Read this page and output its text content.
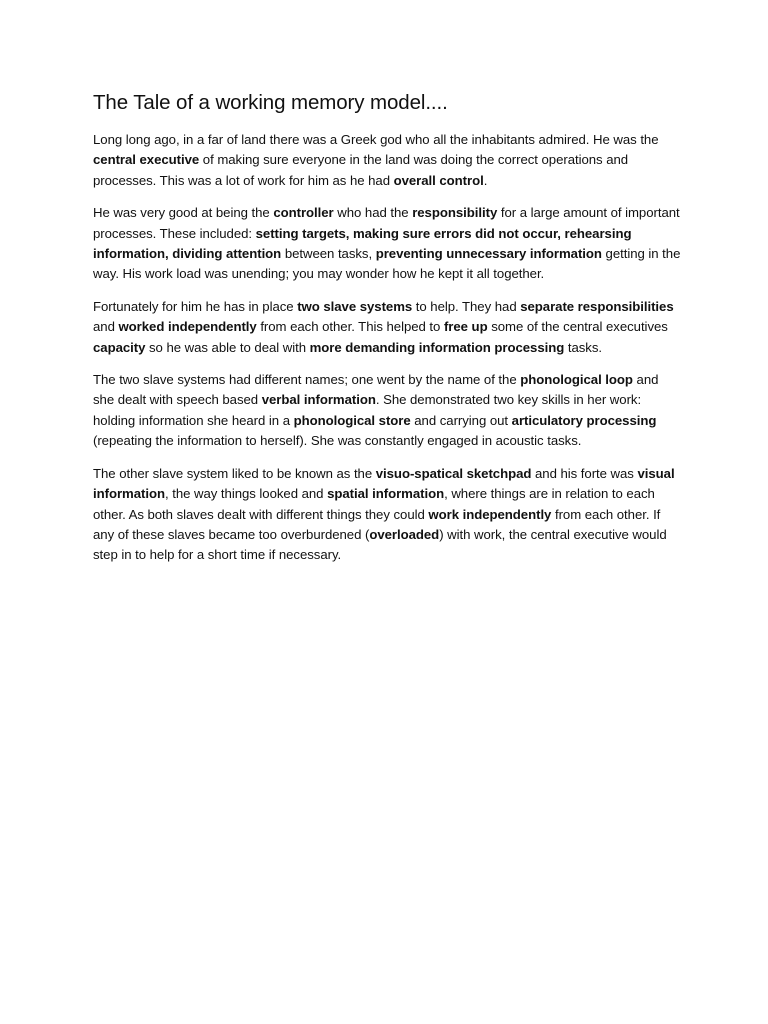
The Tale of a working memory model....

Long long ago, in a far of land there was a Greek god who all the inhabitants admired. He was the central executive of making sure everyone in the land was doing the correct operations and processes. This was a lot of work for him as he had overall control.

He was very good at being the controller who had the responsibility for a large amount of important processes. These included: setting targets, making sure errors did not occur, rehearsing information, dividing attention between tasks, preventing unnecessary information getting in the way. His work load was unending; you may wonder how he kept it all together.

Fortunately for him he has in place two slave systems to help. They had separate responsibilities and worked independently from each other. This helped to free up some of the central executives capacity so he was able to deal with more demanding information processing tasks.

The two slave systems had different names; one went by the name of the phonological loop and she dealt with speech based verbal information. She demonstrated two key skills in her work: holding information she heard in a phonological store and carrying out articulatory processing (repeating the information to herself). She was constantly engaged in acoustic tasks.

The other slave system liked to be known as the visuo-spatical sketchpad and his forte was visual information, the way things looked and spatial information, where things are in relation to each other. As both slaves dealt with different things they could work independently from each other. If any of these slaves became too overburdened (overloaded) with work, the central executive would step in to help for a short time if necessary.
